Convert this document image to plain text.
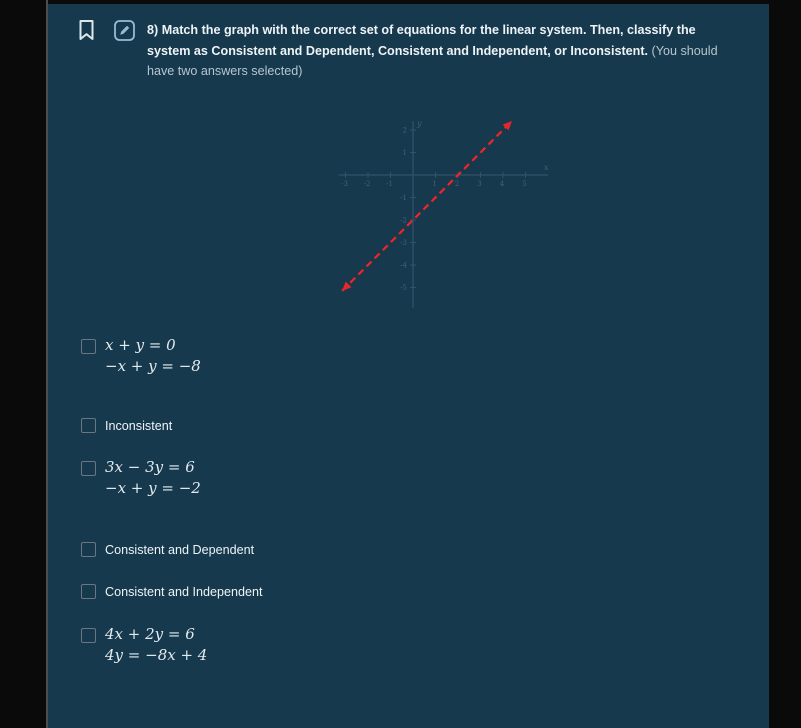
8) Match the graph with the correct set of equations for the linear system. Then, classify the system as Consistent and Dependent, Consistent and Independent, or Inconsistent. (You should have two answers selected)

-3 -2 -1	1	2	3	4	5
2
1
-1
-2
-3
-4
-5
y
x
x + y = 0
−x + y = −8
Inconsistent
3x − 3y = 6
−x + y = −2
Consistent and Dependent
Consistent and Independent
4x + 2y = 6
4y = −8x + 4
